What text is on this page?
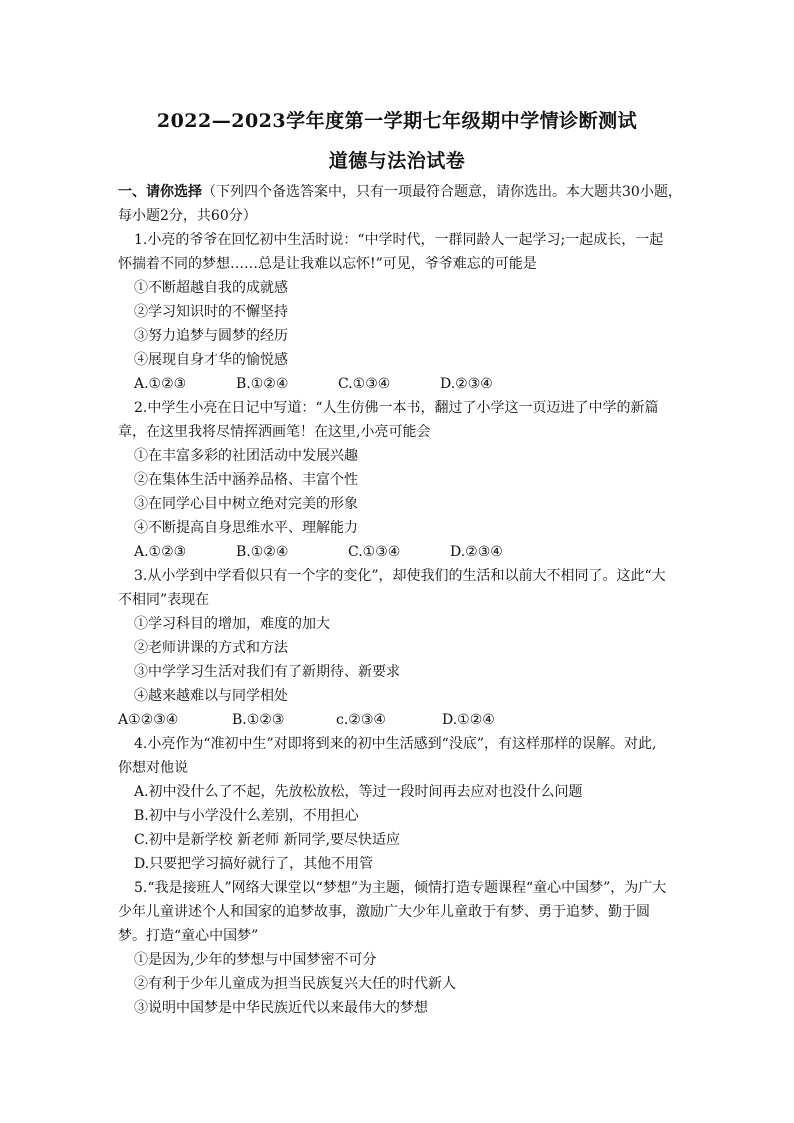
2022—2023学年度第一学期七年级期中学情诊断测试
道德与法治试卷
一、请你选择（下列四个备选答案中，只有一项最符合题意，请你选出。本大题共30小题，
每小题2分，共60分）
1.小亮的爷爷在回忆初中生活时说：“中学时代，一群同龄人一起学习;一起成长，一起
怀揣着不同的梦想……总是让我难以忘怀!”可见，爷爷难忘的可能是
①不断超越自我的成就感
②学习知识时的不懈坚持
③努力追梦与圆梦的经历
④展现自身才华的愉悦感
A.①②③	B.①②④	C.①③④	D.②③④
2.中学生小亮在日记中写道：“人生仿佛一本书，翻过了小学这一页迈进了中学的新篇
章，在这里我将尽情挥洒画笔！在这里,小亮可能会
①在丰富多彩的社团活动中发展兴趣
②在集体生活中涵养品格、丰富个性
③在同学心目中树立绝对完美的形象
④不断提高自身思维水平、理解能力
A.①②③	B.①②④	C.①③④	D.②③④
3.从小学到中学看似只有一个字的变化”，却使我们的生活和以前大不相同了。这此“大
不相同”表现在
①学习科目的增加，难度的加大
②老师讲课的方式和方法
③中学学习生活对我们有了新期待、新要求
④越来越难以与同学相处
A①②③④	B.①②③	c.②③④	D.①②④
4.小亮作为“准初中生”对即将到来的初中生活感到“没底”，有这样那样的误解。对此,
你想对他说
A.初中没什么了不起，先放松放松，等过一段时间再去应对也没什么问题
B.初中与小学没什么差别，不用担心
C.初中是新学校 新老师 新同学,要尽快适应
D.只要把学习搞好就行了，其他不用管
5.“我是接班人”网络大课堂以“梦想”为主题，倾情打造专题课程“童心中国梦”，为广大
少年儿童讲述个人和国家的追梦故事，激励广大少年儿童敢于有梦、勇于追梦、勤于圆
梦。打造“童心中国梦”
①是因为,少年的梦想与中国梦密不可分
②有利于少年儿童成为担当民族复兴大任的时代新人
③说明中国梦是中华民族近代以来最伟大的梦想
